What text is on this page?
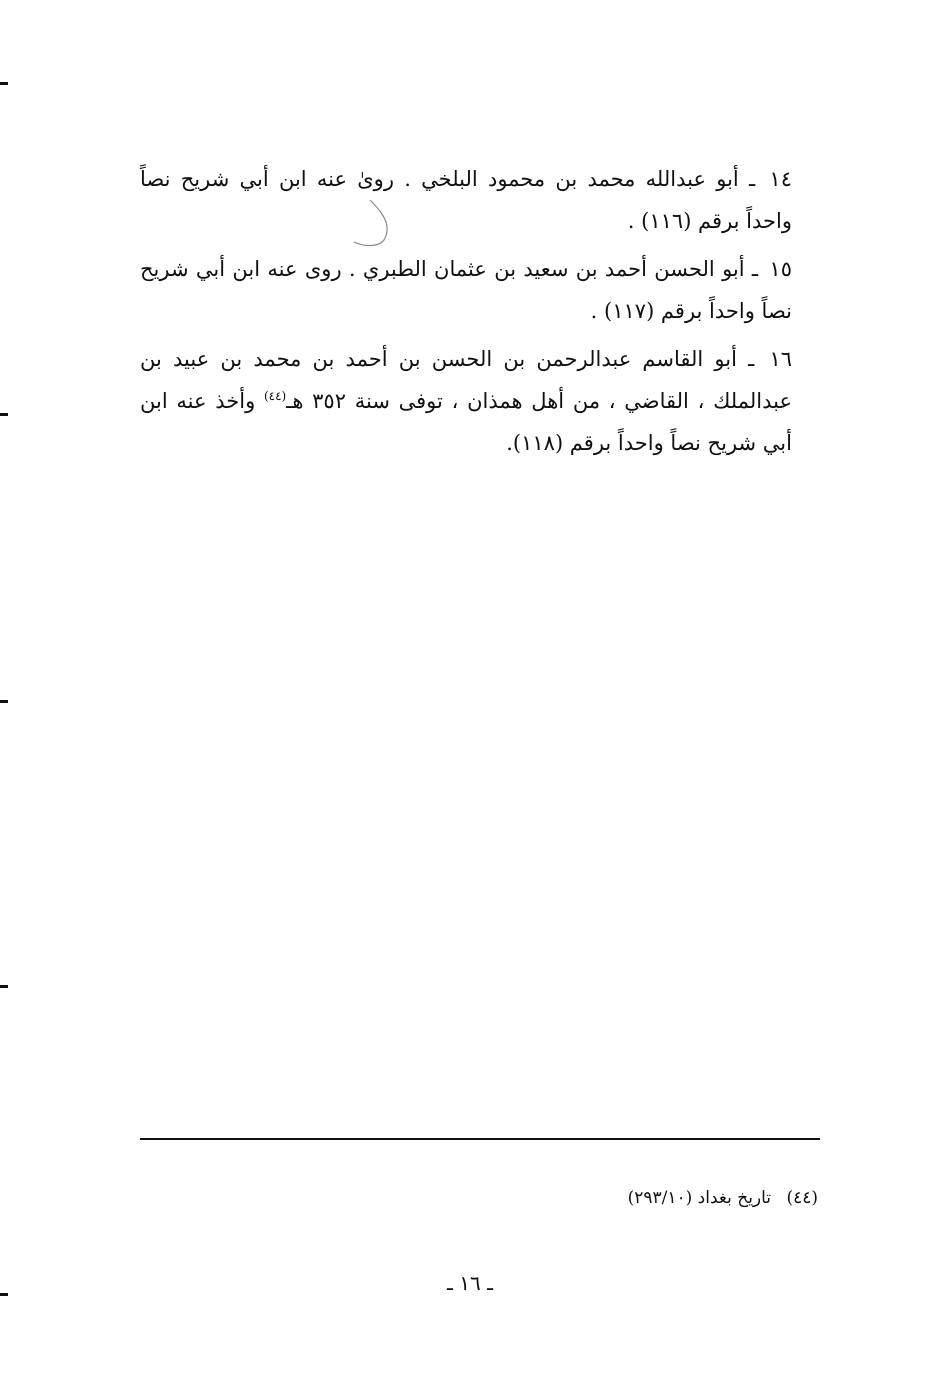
١٤ ـ أبو عبدالله محمد بن محمود البلخي . روىٰ عنه ابن أبي شريح نصاً واحداً برقم (١١٦) .

١٥ ـ أبو الحسن أحمد بن سعيد بن عثمان الطبري . روى عنه ابن أبي شريح نصاً واحداً برقم (١١٧) .

١٦ ـ أبو القاسم عبدالرحمن بن الحسن بن أحمد بن محمد بن عبيد بن عبدالملك ، القاضي ، من أهل همذان ، توفى سنة ٣٥٢ هـ$^{(٤٤)}$ وأخذ عنه ابن أبي شريح نصاً واحداً برقم (١١٨).

(٤٤) تاريخ بغداد (٢٩٣/١٠)
ـ ١٦ ـ
